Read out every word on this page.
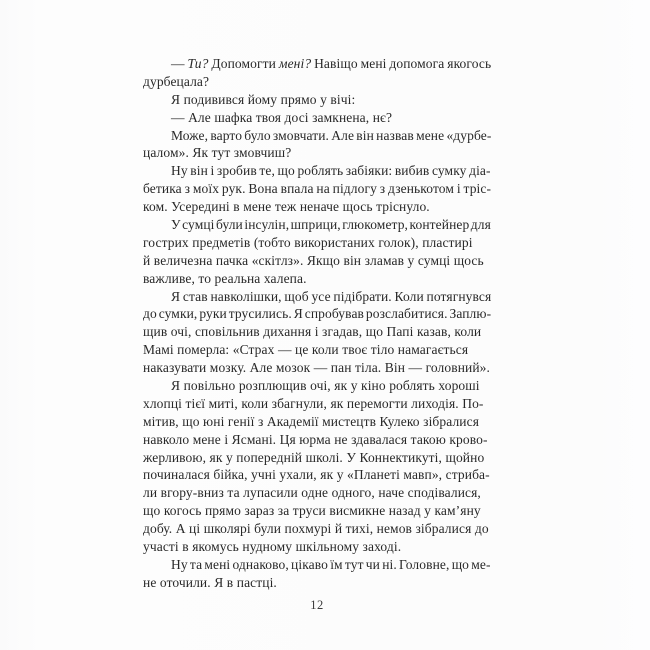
— Ти? Допомогти мені? Навіщо мені допомога якогось
дурбецала?
Я подивився йому прямо у вічі:
— Але шафка твоя досі замкнена, нє?
Може, варто було змовчати. Але він назвав мене «дурбе-
цалом». Як тут змовчиш?
Ну він і зробив те, що роблять забіяки: вибив сумку діа-
бетика з моїх рук. Вона впала на підлогу з дзенькотом і тріс-
ком. Усередині в мене теж неначе щось тріснуло.
У сумці були інсулін, шприци, глюкометр, контейнер для
гострих предметів (тобто використаних голок), пластирі
й величезна пачка «скітлз». Якщо він зламав у сумці щось
важливе, то реальна халепа.
Я став навколішки, щоб усе підібрати. Коли потягнувся
до сумки, руки трусились. Я спробував розслабитися. Заплю-
щив очі, сповільнив дихання і згадав, що Папі казав, коли
Мамі померла: «Страх — це коли твоє тіло намагається
наказувати мозку. Але мозок — пан тіла. Він — головний».
Я повільно розплющив очі, як у кіно роблять хороші
хлопці тієї миті, коли збагнули, як перемогти лиходія. По-
мітив, що юні генії з Академії мистецтв Кулеко зібралися
навколо мене і Ясмані. Ця юрма не здавалася такою крово-
жерливою, як у попередній школі. У Коннектикуті, щойно
починалася бійка, учні ухали, як у «Планеті мавп», стриба-
ли вгору-вниз та лупасили одне одного, наче сподівалися,
що когось прямо зараз за труси висмикне назад у кам’яну
добу. А ці школярі були похмурі й тихі, немов зібралися до
участі в якомусь нудному шкільному заході.
Ну та мені однаково, цікаво їм тут чи ні. Головне, що ме-
не оточили. Я в пастці.
12
